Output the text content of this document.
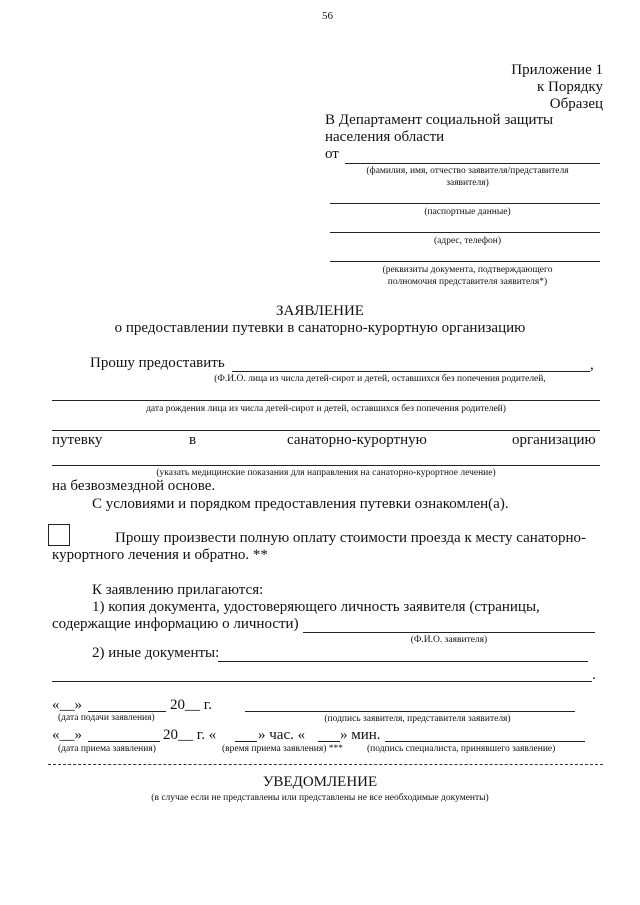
56
Приложение 1
к Порядку
Образец
В Департамент социальной защиты
населения области
от
(фамилия, имя, отчество заявителя/представителя
заявителя)
(паспортные данные)
(адрес, телефон)
(реквизиты документа, подтверждающего
полномочия представителя заявителя*)
ЗАЯВЛЕНИЕ
о предоставлении путевки в санаторно-курортную организацию
Прошу предоставить	,
(Ф.И.О. лица из числа детей-сирот и детей, оставшихся без попечения родителей,
дата рождения лица из числа детей-сирот и детей, оставшихся без попечения родителей)
путевку	в	санаторно-курортную	организацию
(указать медицинские показания для направления на санаторно-курортное лечение)
на безвозмездной основе.
С условиями и порядком предоставления путевки ознакомлен(а).
Прошу произвести полную оплату стоимости проезда к месту санаторно-
курортного лечения и обратно. **
К заявлению прилагаются:
1) копия документа, удостоверяющего личность заявителя (страницы,
содержащие информацию о личности)
(Ф.И.О. заявителя)
2) иные документы:
.
«__»	20__ г.
(дата подачи заявления)	(подпись заявителя, представителя заявителя)
«__»	20__ г. «	» час. « » мин.
(дата приема заявления)	(время приема заявления) ***	(подпись специалиста, принявшего заявление)
УВЕДОМЛЕНИЕ
(в случае если не представлены или представлены не все необходимые документы)
